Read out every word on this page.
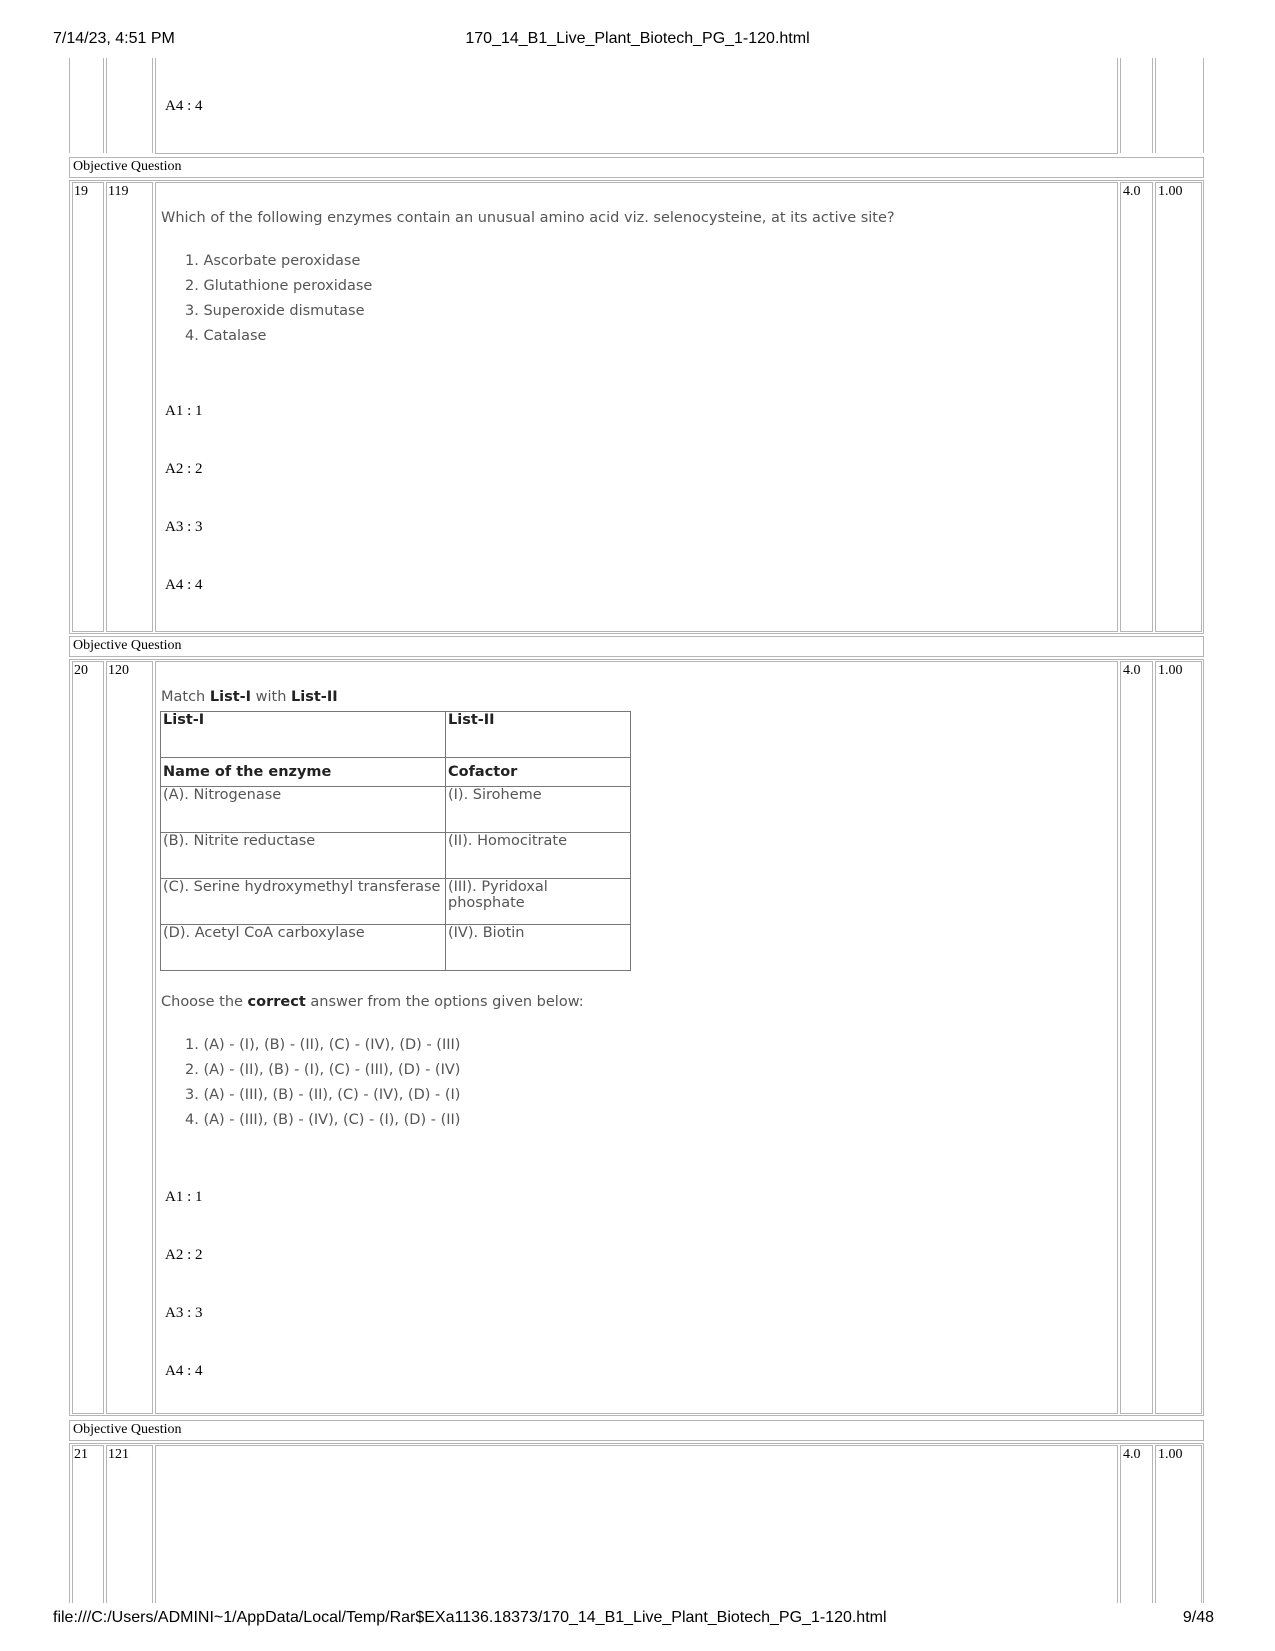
7/14/23, 4:51 PM	170_14_B1_Live_Plant_Biotech_PG_1-120.html
A4 : 4
Objective Question
19 119	4.0 1.00
Which of the following enzymes contain an unusual amino acid viz. selenocysteine, at its active site?
1. Ascorbate peroxidase
2. Glutathione peroxidase
3. Superoxide dismutase
4. Catalase
A1 : 1
A2 : 2
A3 : 3
A4 : 4
Objective Question
20 120	4.0 1.00
Match List-I with List-II
List-I	List-II
Name of the enzyme	Cofactor
(A). Nitrogenase	(I). Siroheme
(B). Nitrite reductase	(II). Homocitrate
(C). Serine hydroxymethyl transferase	(III). Pyridoxal phosphate
(D). Acetyl CoA carboxylase	(IV). Biotin
Choose the correct answer from the options given below:
1. (A) - (I), (B) - (II), (C) - (IV), (D) - (III)
2. (A) - (II), (B) - (I), (C) - (III), (D) - (IV)
3. (A) - (III), (B) - (II), (C) - (IV), (D) - (I)
4. (A) - (III), (B) - (IV), (C) - (I), (D) - (II)
A1 : 1
A2 : 2
A3 : 3
A4 : 4
Objective Question
21 121	4.0 1.00
file:///C:/Users/ADMINI~1/AppData/Local/Temp/Rar$EXa1136.18373/170_14_B1_Live_Plant_Biotech_PG_1-120.html	9/48
